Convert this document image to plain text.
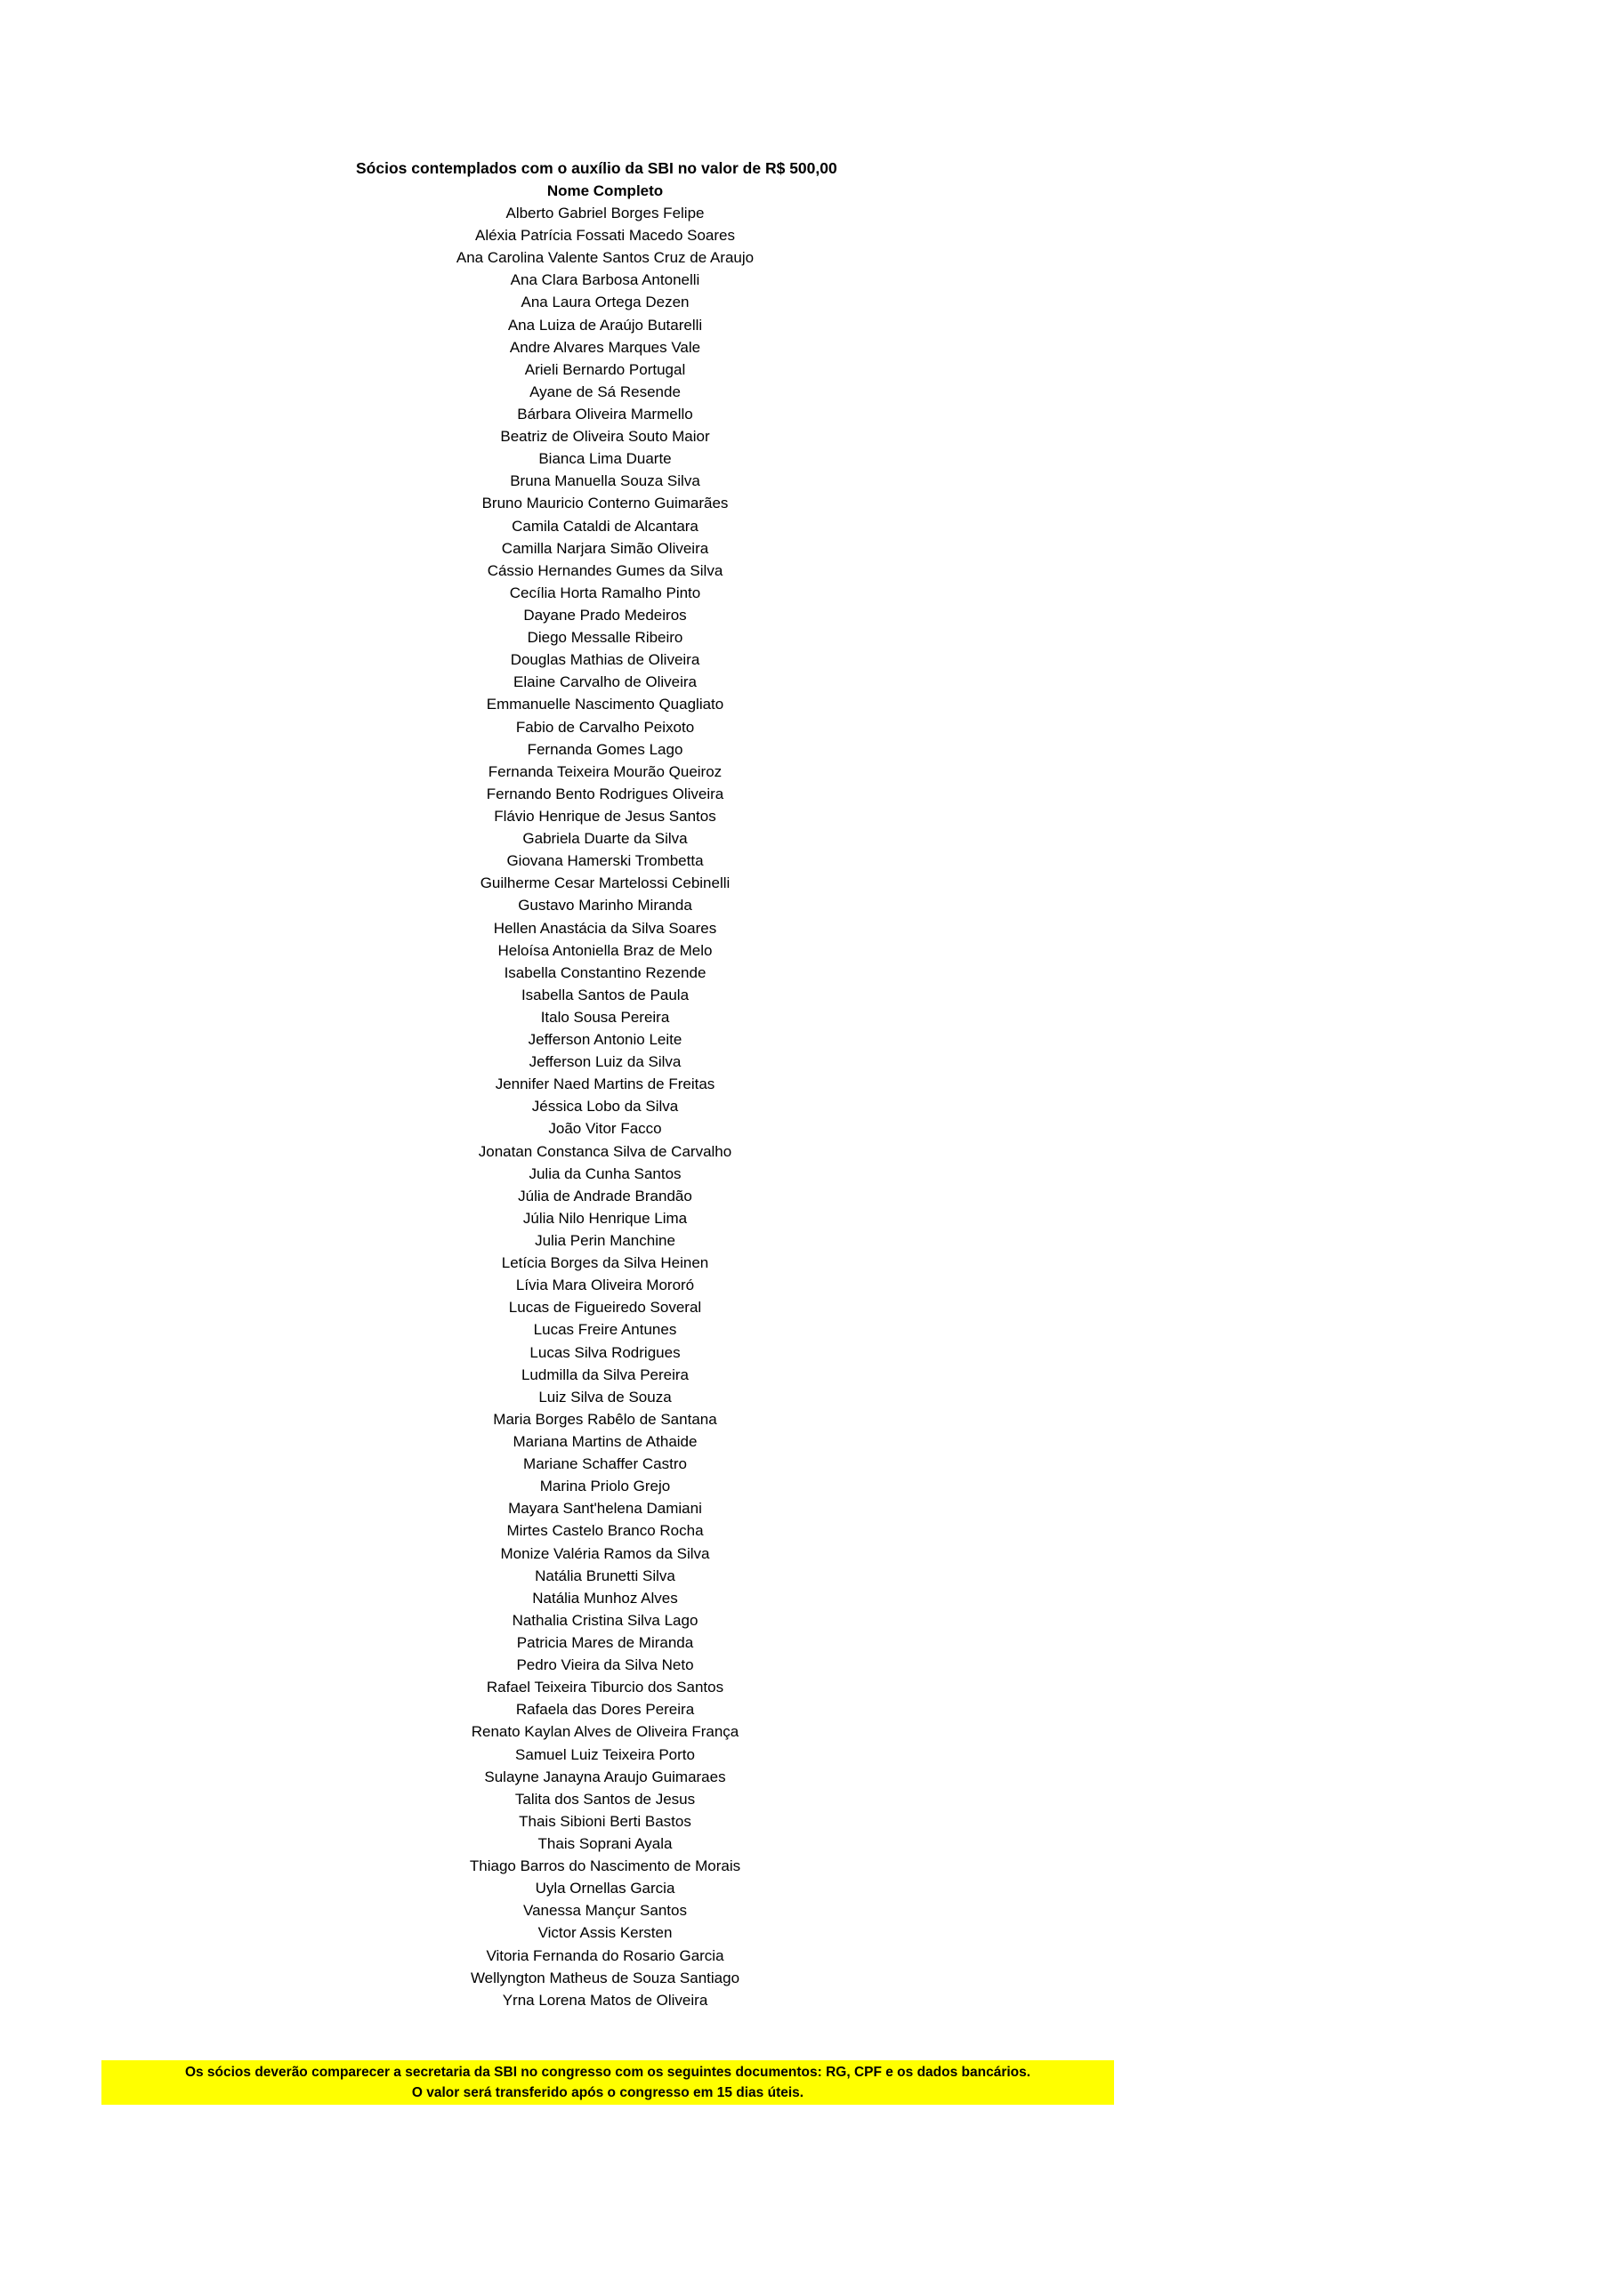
Sócios contemplados com o auxílio da SBI no valor de R$ 500,00
Nome Completo
Alberto Gabriel Borges Felipe
Aléxia Patrícia Fossati Macedo Soares
Ana Carolina Valente Santos Cruz de Araujo
Ana Clara Barbosa Antonelli
Ana Laura Ortega Dezen
Ana Luiza de Araújo Butarelli
Andre Alvares Marques Vale
Arieli Bernardo Portugal
Ayane de Sá Resende
Bárbara Oliveira Marmello
Beatriz de Oliveira Souto Maior
Bianca Lima Duarte
Bruna Manuella Souza Silva
Bruno Mauricio Conterno Guimarães
Camila Cataldi de Alcantara
Camilla Narjara Simão Oliveira
Cássio Hernandes Gumes da Silva
Cecília Horta Ramalho Pinto
Dayane Prado Medeiros
Diego Messalle Ribeiro
Douglas Mathias de Oliveira
Elaine Carvalho de Oliveira
Emmanuelle Nascimento Quagliato
Fabio de Carvalho Peixoto
Fernanda Gomes Lago
Fernanda Teixeira Mourão Queiroz
Fernando Bento Rodrigues Oliveira
Flávio Henrique de Jesus Santos
Gabriela Duarte da Silva
Giovana Hamerski Trombetta
Guilherme Cesar Martelossi Cebinelli
Gustavo Marinho Miranda
Hellen Anastácia da Silva Soares
Heloísa Antoniella Braz de Melo
Isabella Constantino Rezende
Isabella Santos de Paula
Italo Sousa Pereira
Jefferson Antonio Leite
Jefferson Luiz da Silva
Jennifer Naed Martins de Freitas
Jéssica Lobo da Silva
João Vitor Facco
Jonatan Constanca Silva de Carvalho
Julia da Cunha Santos
Júlia de Andrade Brandão
Júlia Nilo Henrique Lima
Julia Perin Manchine
Letícia Borges da Silva Heinen
Lívia Mara Oliveira Mororó
Lucas de Figueiredo Soveral
Lucas Freire Antunes
Lucas Silva Rodrigues
Ludmilla da Silva Pereira
Luiz Silva de Souza
Maria Borges Rabêlo de Santana
Mariana Martins de Athaide
Mariane Schaffer Castro
Marina Priolo Grejo
Mayara Sant'helena Damiani
Mirtes Castelo Branco Rocha
Monize Valéria Ramos da Silva
Natália Brunetti Silva
Natália Munhoz Alves
Nathalia Cristina Silva Lago
Patricia Mares de Miranda
Pedro Vieira da Silva Neto
Rafael Teixeira Tiburcio dos Santos
Rafaela das Dores Pereira
Renato Kaylan Alves de Oliveira França
Samuel Luiz Teixeira Porto
Sulayne Janayna Araujo Guimaraes
Talita dos Santos de Jesus
Thais Sibioni Berti Bastos
Thais Soprani Ayala
Thiago Barros do Nascimento de Morais
Uyla Ornellas Garcia
Vanessa Mançur Santos
Victor Assis Kersten
Vitoria Fernanda do Rosario Garcia
Wellyngton Matheus de Souza Santiago
Yrna Lorena Matos de Oliveira
Os sócios deverão comparecer a secretaria da SBI no congresso com os seguintes documentos: RG, CPF e os dados bancários.
O valor será transferido após o congresso em 15 dias úteis.
